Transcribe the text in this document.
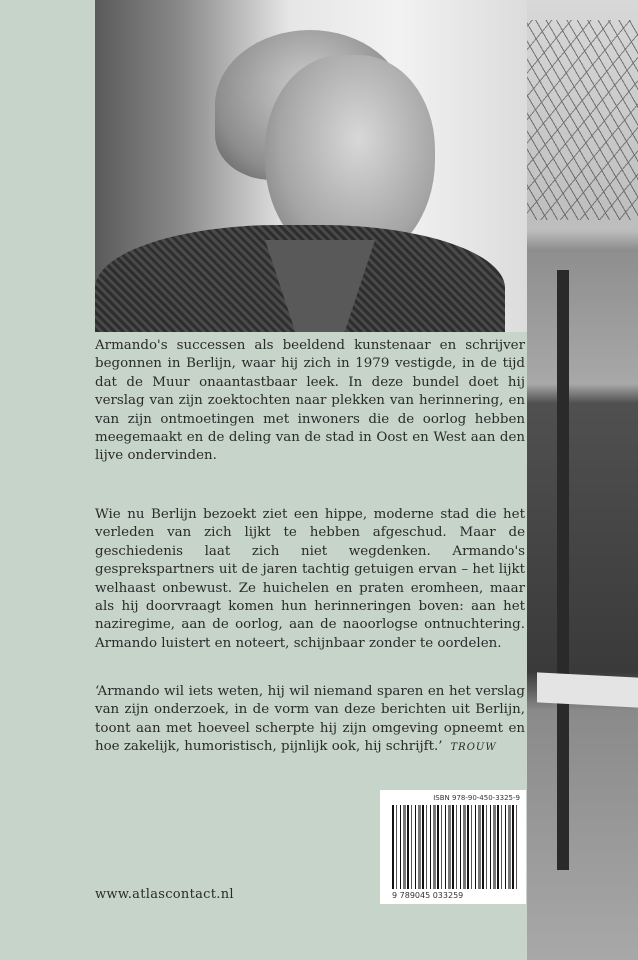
Armando's successen als beeldend kunstenaar en schrijver begonnen in Berlijn, waar hij zich in 1979 vestigde, in de tijd dat de Muur onaantastbaar leek. In deze bundel doet hij verslag van zijn zoektochten naar plekken van herinnering, en van zijn ontmoetingen met inwoners die de oorlog hebben meegemaakt en de deling van de stad in Oost en West aan den lijve ondervinden.
Wie nu Berlijn bezoekt ziet een hippe, moderne stad die het verleden van zich lijkt te hebben afgeschud. Maar de geschiedenis laat zich niet wegdenken. Armando's gesprekspartners uit de jaren tachtig getuigen ervan – het lijkt welhaast onbewust. Ze huichelen en praten eromheen, maar als hij doorvraagt komen hun herinneringen boven: aan het naziregime, aan de oorlog, aan de naoorlogse ontnuchtering. Armando luistert en noteert, schijnbaar zonder te oordelen.
‘Armando wil iets weten, hij wil niemand sparen en het verslag van zijn onderzoek, in de vorm van deze berichten uit Berlijn, toont aan met hoeveel scherpte hij zijn omgeving opneemt en hoe zakelijk, humoristisch, pijnlijk ook, hij schrijft.’ TROUW
ISBN 978-90-450-3325-9
9 789045 033259
www.atlascontact.nl
